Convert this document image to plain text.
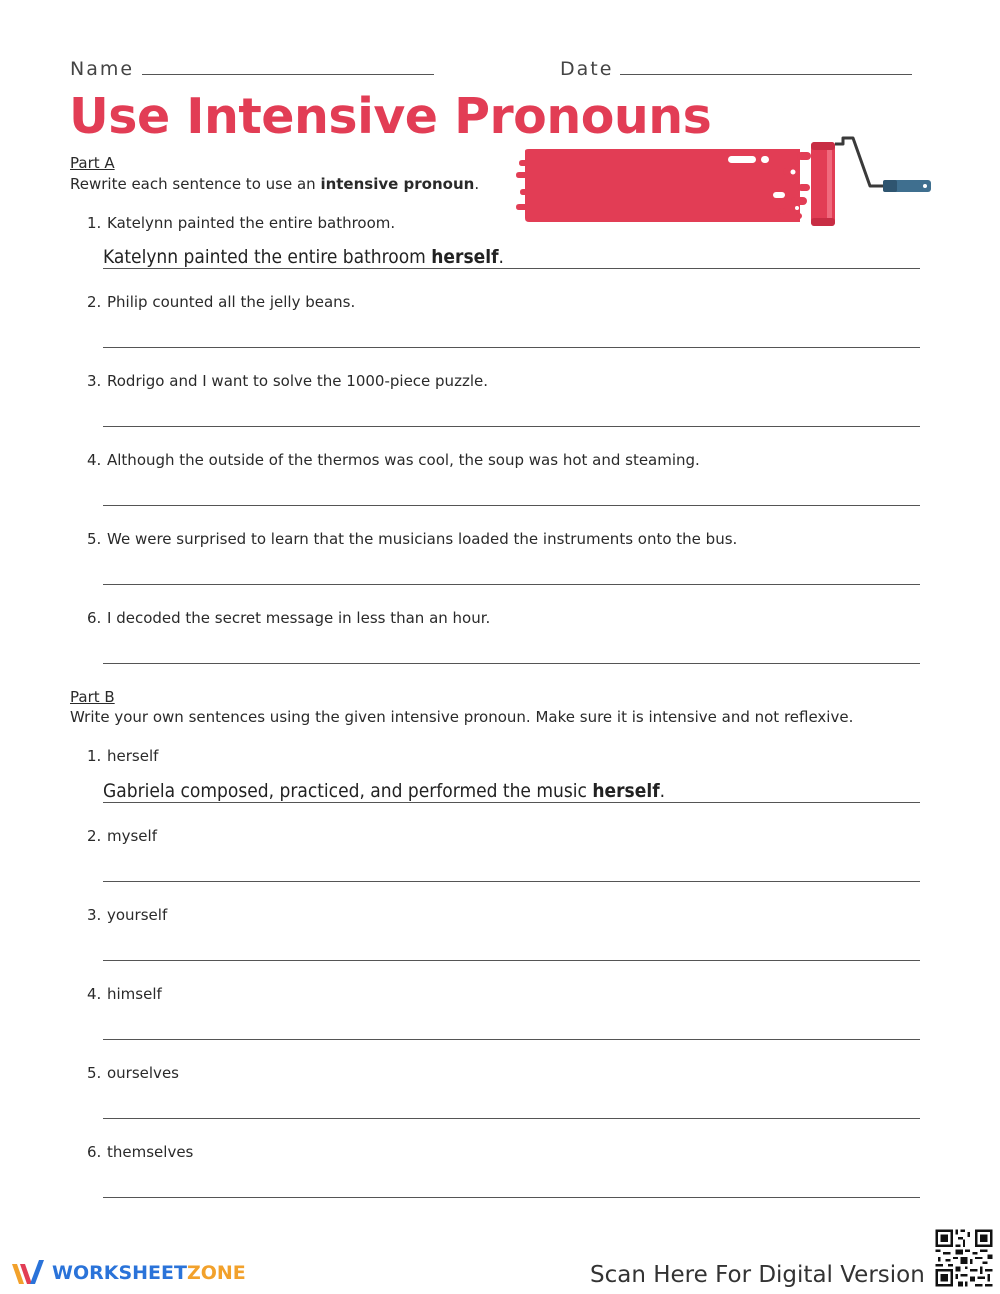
Name	Date
Use Intensive Pronouns
Part A
Rewrite each sentence to use an intensive pronoun.
1. Katelynn painted the entire bathroom.
Katelynn painted the entire bathroom herself.
2. Philip counted all the jelly beans.
3. Rodrigo and I want to solve the 1000-piece puzzle.
4. Although the outside of the thermos was cool, the soup was hot and steaming.
5. We were surprised to learn that the musicians loaded the instruments onto the bus.
6. I decoded the secret message in less than an hour.
Part B
Write your own sentences using the given intensive pronoun. Make sure it is intensive and not reflexive.
1. herself
Gabriela composed, practiced, and performed the music herself.
2. myself
3. yourself
4. himself
5. ourselves
6. themselves
WORKSHEETZONE	Scan Here For Digital Version
